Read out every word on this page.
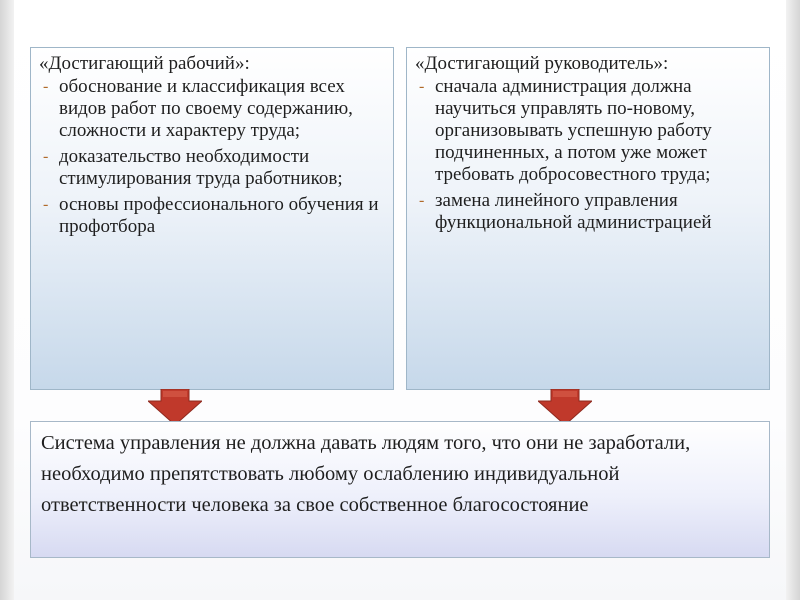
«Достигающий рабочий»:
- обоснование и классификация всех видов работ по своему содержанию, сложности и характеру труда;
- доказательство необходимости стимулирования труда работников;
- основы профессионального обучения и профотбора
«Достигающий руководитель»:
- сначала администрация должна научиться управлять по-новому, организовывать успешную работу подчиненных, а потом уже может требовать добросовестного труда;
- замена линейного управления функциональной администрацией
Система управления не должна давать людям того, что они не заработали, необходимо препятствовать любому ослаблению индивидуальной ответственности человека за свое собственное благосостояние
